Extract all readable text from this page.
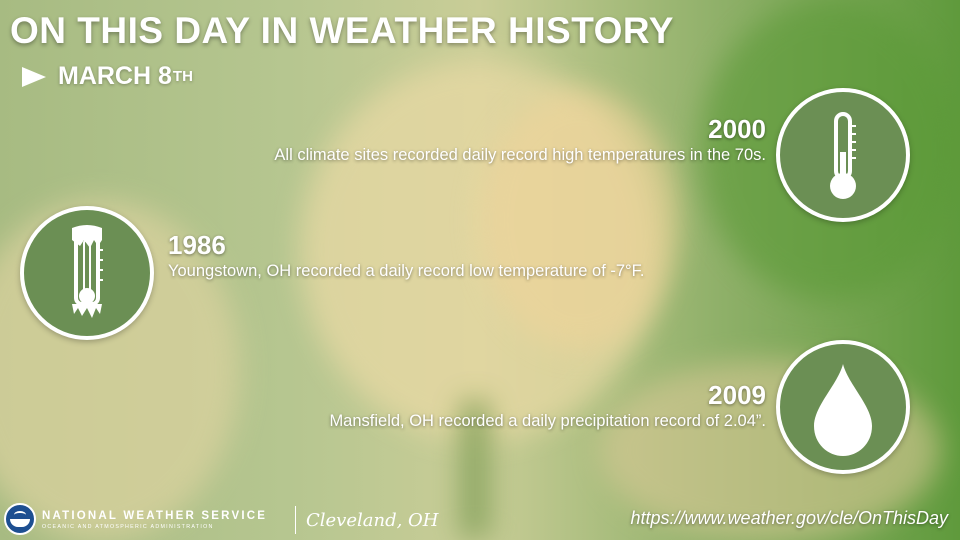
ON THIS DAY IN WEATHER HISTORY
MARCH 8 TH
2000
All climate sites recorded daily record high temperatures in the 70s.
1986
Youngstown, OH recorded a daily record low temperature of -7°F.
2009
Mansfield, OH recorded a daily precipitation record of 2.04”.
NATIONAL WEATHER SERVICE
OCEANIC AND ATMOSPHERIC ADMINISTRATION	Cleveland, OH	https://www.weather.gov/cle/OnThisDay
